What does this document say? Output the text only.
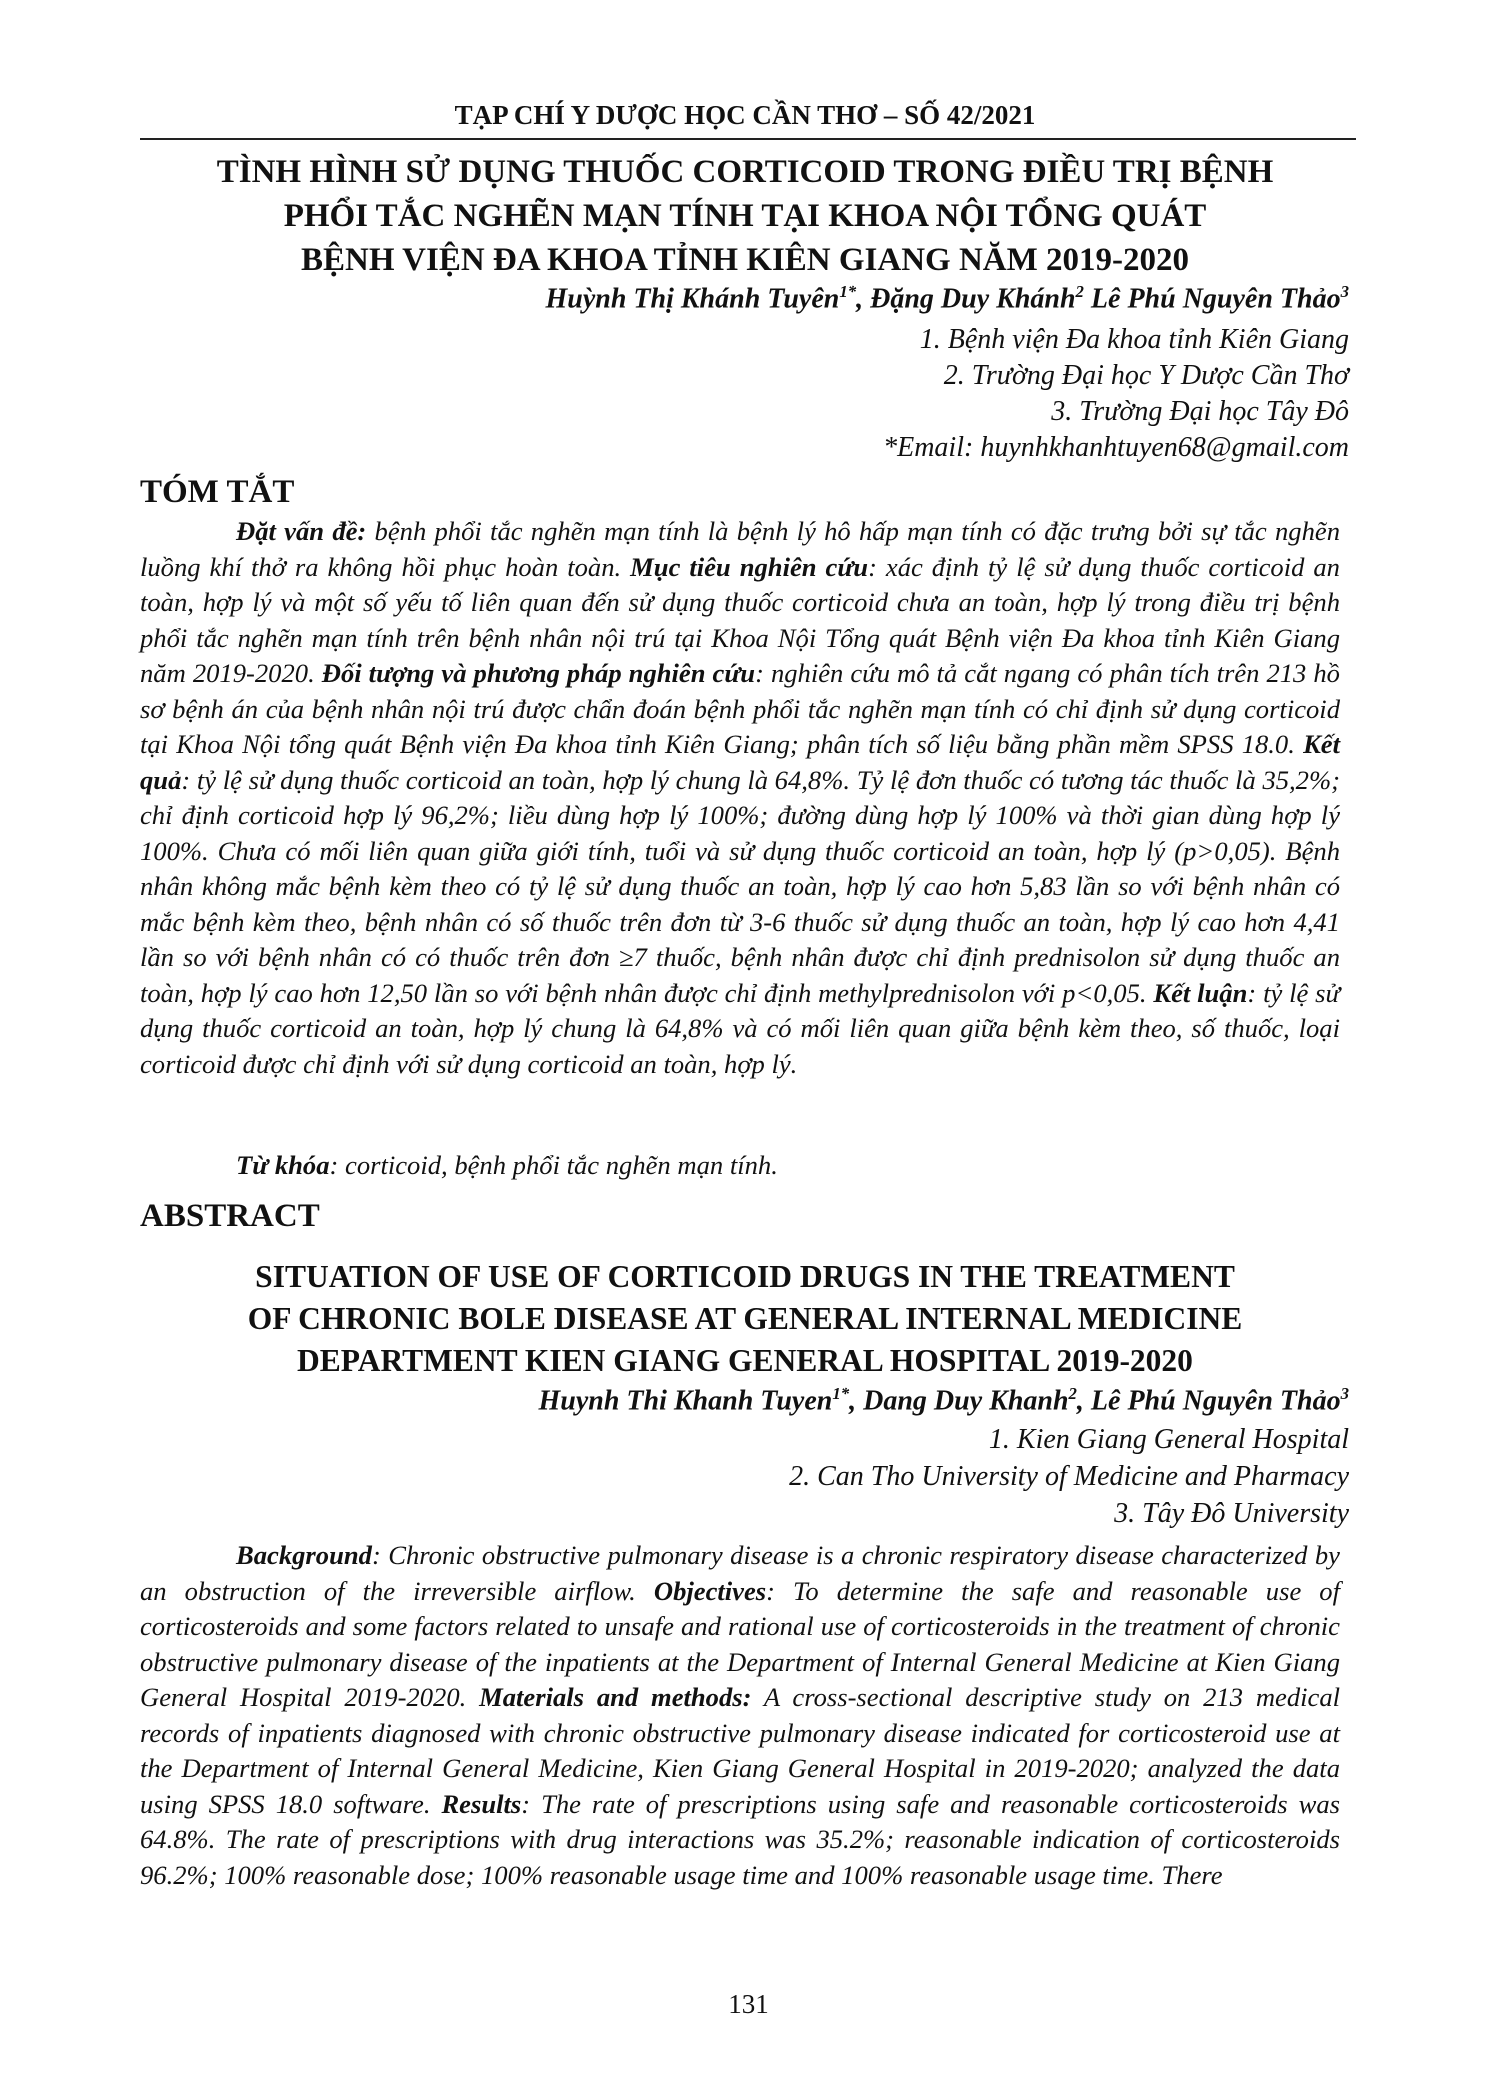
TẠP CHÍ Y DƯỢC HỌC CẦN THƠ – SỐ 42/2021

TÌNH HÌNH SỬ DỤNG THUỐC CORTICOID TRONG ĐIỀU TRỊ BỆNH

PHỔI TẮC NGHẼN MẠN TÍNH TẠI KHOA NỘI TỔNG QUÁT

BỆNH VIỆN ĐA KHOA TỈNH KIÊN GIANG NĂM 2019-2020

Huỳnh Thị Khánh Tuyên$^{1*}$, Đặng Duy Khánh$^2$ Lê Phú Nguyên Thảo$^3$

1. Bệnh viện Đa khoa tỉnh Kiên Giang

2. Trường Đại học Y Dược Cần Thơ

3. Trường Đại học Tây Đô

*Email: huynhkhanhtuyen68@gmail.com

TÓM TẮT

Đặt vấn đề: bệnh phổi tắc nghẽn mạn tính là bệnh lý hô hấp mạn tính có đặc trưng bởi sự tắc nghẽn luồng khí thở ra không hồi phục hoàn toàn. Mục tiêu nghiên cứu: xác định tỷ lệ sử dụng thuốc corticoid an toàn, hợp lý và một số yếu tố liên quan đến sử dụng thuốc corticoid chưa an toàn, hợp lý trong điều trị bệnh phổi tắc nghẽn mạn tính trên bệnh nhân nội trú tại Khoa Nội Tổng quát Bệnh viện Đa khoa tỉnh Kiên Giang năm 2019-2020. Đối tượng và phương pháp nghiên cứu: nghiên cứu mô tả cắt ngang có phân tích trên 213 hồ sơ bệnh án của bệnh nhân nội trú được chẩn đoán bệnh phổi tắc nghẽn mạn tính có chỉ định sử dụng corticoid tại Khoa Nội tổng quát Bệnh viện Đa khoa tỉnh Kiên Giang; phân tích số liệu bằng phần mềm SPSS 18.0. Kết quả: tỷ lệ sử dụng thuốc corticoid an toàn, hợp lý chung là 64,8%. Tỷ lệ đơn thuốc có tương tác thuốc là 35,2%; chỉ định corticoid hợp lý 96,2%; liều dùng hợp lý 100%; đường dùng hợp lý 100% và thời gian dùng hợp lý 100%. Chưa có mối liên quan giữa giới tính, tuổi và sử dụng thuốc corticoid an toàn, hợp lý (p>0,05). Bệnh nhân không mắc bệnh kèm theo có tỷ lệ sử dụng thuốc an toàn, hợp lý cao hơn 5,83 lần so với bệnh nhân có mắc bệnh kèm theo, bệnh nhân có số thuốc trên đơn từ 3-6 thuốc sử dụng thuốc an toàn, hợp lý cao hơn 4,41 lần so với bệnh nhân có có thuốc trên đơn ≥7 thuốc, bệnh nhân được chỉ định prednisolon sử dụng thuốc an toàn, hợp lý cao hơn 12,50 lần so với bệnh nhân được chỉ định methylprednisolon với p<0,05. Kết luận: tỷ lệ sử dụng thuốc corticoid an toàn, hợp lý chung là 64,8% và có mối liên quan giữa bệnh kèm theo, số thuốc, loại corticoid được chỉ định với sử dụng corticoid an toàn, hợp lý.

Từ khóa: corticoid, bệnh phổi tắc nghẽn mạn tính.

ABSTRACT

SITUATION OF USE OF CORTICOID DRUGS IN THE TREATMENT

OF CHRONIC BOLE DISEASE AT GENERAL INTERNAL MEDICINE

DEPARTMENT KIEN GIANG GENERAL HOSPITAL 2019-2020

Huynh Thi Khanh Tuyen$^{1*}$, Dang Duy Khanh$^2$, Lê Phú Nguyên Thảo$^3$

1. Kien Giang General Hospital

2. Can Tho University of Medicine and Pharmacy

3. Tây Đô University

Background: Chronic obstructive pulmonary disease is a chronic respiratory disease characterized by an obstruction of the irreversible airflow. Objectives: To determine the safe and reasonable use of corticosteroids and some factors related to unsafe and rational use of corticosteroids in the treatment of chronic obstructive pulmonary disease of the inpatients at the Department of Internal General Medicine at Kien Giang General Hospital 2019-2020. Materials and methods: A cross-sectional descriptive study on 213 medical records of inpatients diagnosed with chronic obstructive pulmonary disease indicated for corticosteroid use at the Department of Internal General Medicine, Kien Giang General Hospital in 2019-2020; analyzed the data using SPSS 18.0 software. Results: The rate of prescriptions using safe and reasonable corticosteroids was 64.8%. The rate of prescriptions with drug interactions was 35.2%; reasonable indication of corticosteroids 96.2%; 100% reasonable dose; 100% reasonable usage time and 100% reasonable usage time. There

131
